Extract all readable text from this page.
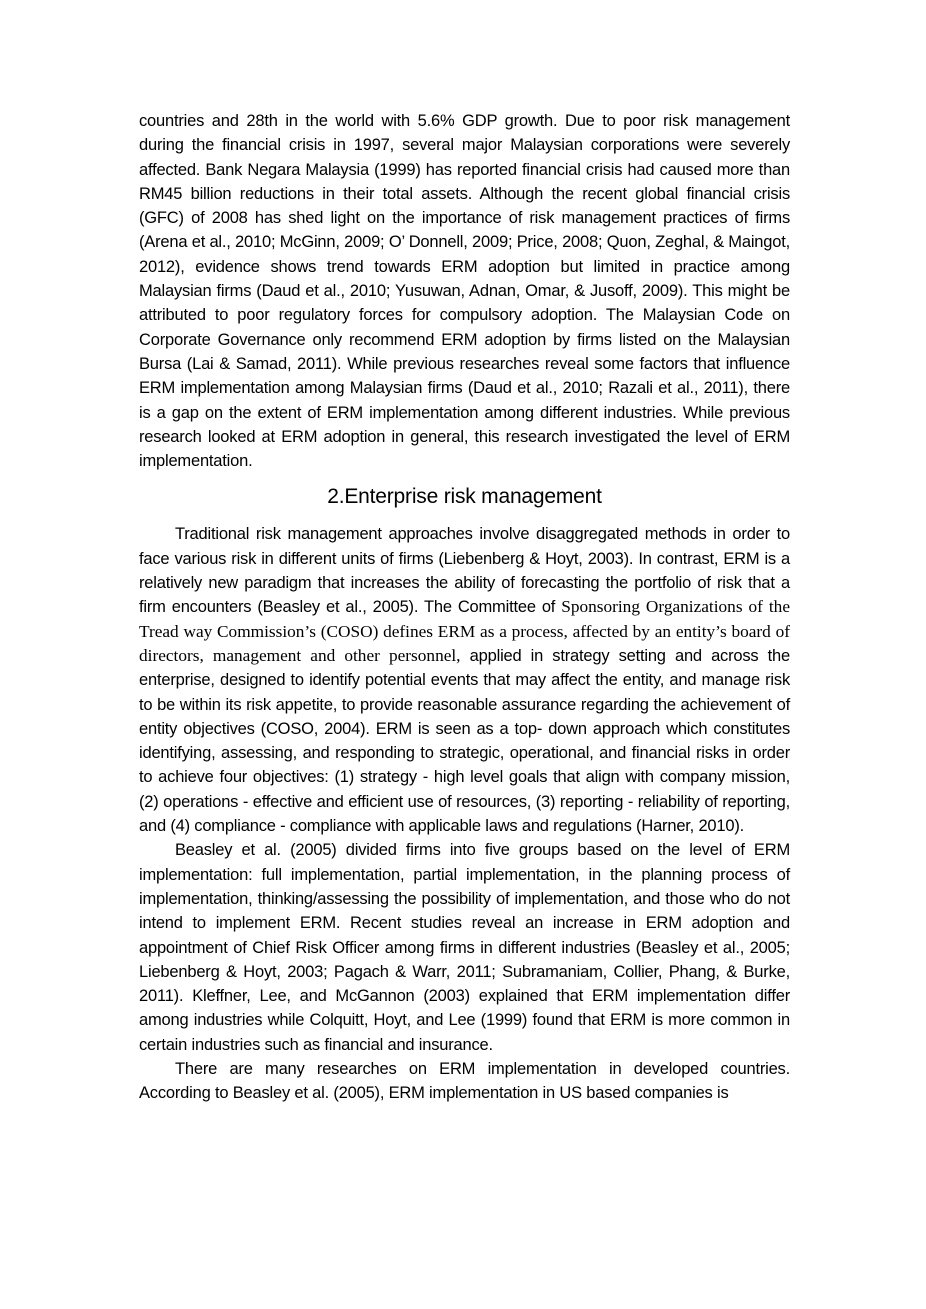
countries and 28th in the world with 5.6% GDP growth. Due to poor risk management during the financial crisis in 1997, several major Malaysian corporations were severely affected. Bank Negara Malaysia (1999) has reported financial crisis had caused more than RM45 billion reductions in their total assets. Although the recent global financial crisis (GFC) of 2008 has shed light on the importance of risk management practices of firms (Arena et al., 2010; McGinn, 2009; O’ Donnell, 2009; Price, 2008; Quon, Zeghal, & Maingot, 2012), evidence shows trend towards ERM adoption but limited in practice among Malaysian firms (Daud et al., 2010; Yusuwan, Adnan, Omar, & Jusoff, 2009). This might be attributed to poor regulatory forces for compulsory adoption. The Malaysian Code on Corporate Governance only recommend ERM adoption by firms listed on the Malaysian Bursa (Lai & Samad, 2011). While previous researches reveal some factors that influence ERM implementation among Malaysian firms (Daud et al., 2010; Razali et al., 2011), there is a gap on the extent of ERM implementation among different industries. While previous research looked at ERM adoption in general, this research investigated the level of ERM implementation.

2.Enterprise risk management

Traditional risk management approaches involve disaggregated methods in order to face various risk in different units of firms (Liebenberg & Hoyt, 2003). In contrast, ERM is a relatively new paradigm that increases the ability of forecasting the portfolio of risk that a firm encounters (Beasley et al., 2005). The Committee of Sponsoring Organizations of the Tread way Commission’s (COSO) defines ERM as a process, affected by an entity’s board of directors, management and other personnel, applied in strategy setting and across the enterprise, designed to identify potential events that may affect the entity, and manage risk to be within its risk appetite, to provide reasonable assurance regarding the achievement of entity objectives (COSO, 2004). ERM is seen as a top- down approach which constitutes identifying, assessing, and responding to strategic, operational, and financial risks in order to achieve four objectives: (1) strategy - high level goals that align with company mission, (2) operations - effective and efficient use of resources, (3) reporting - reliability of reporting, and (4) compliance - compliance with applicable laws and regulations (Harner, 2010).

Beasley et al. (2005) divided firms into five groups based on the level of ERM implementation: full implementation, partial implementation, in the planning process of implementation, thinking/assessing the possibility of implementation, and those who do not intend to implement ERM. Recent studies reveal an increase in ERM adoption and appointment of Chief Risk Officer among firms in different industries (Beasley et al., 2005; Liebenberg & Hoyt, 2003; Pagach & Warr, 2011; Subramaniam, Collier, Phang, & Burke, 2011). Kleffner, Lee, and McGannon (2003) explained that ERM implementation differ among industries while Colquitt, Hoyt, and Lee (1999) found that ERM is more common in certain industries such as financial and insurance.

There are many researches on ERM implementation in developed countries. According to Beasley et al. (2005), ERM implementation in US based companies is
